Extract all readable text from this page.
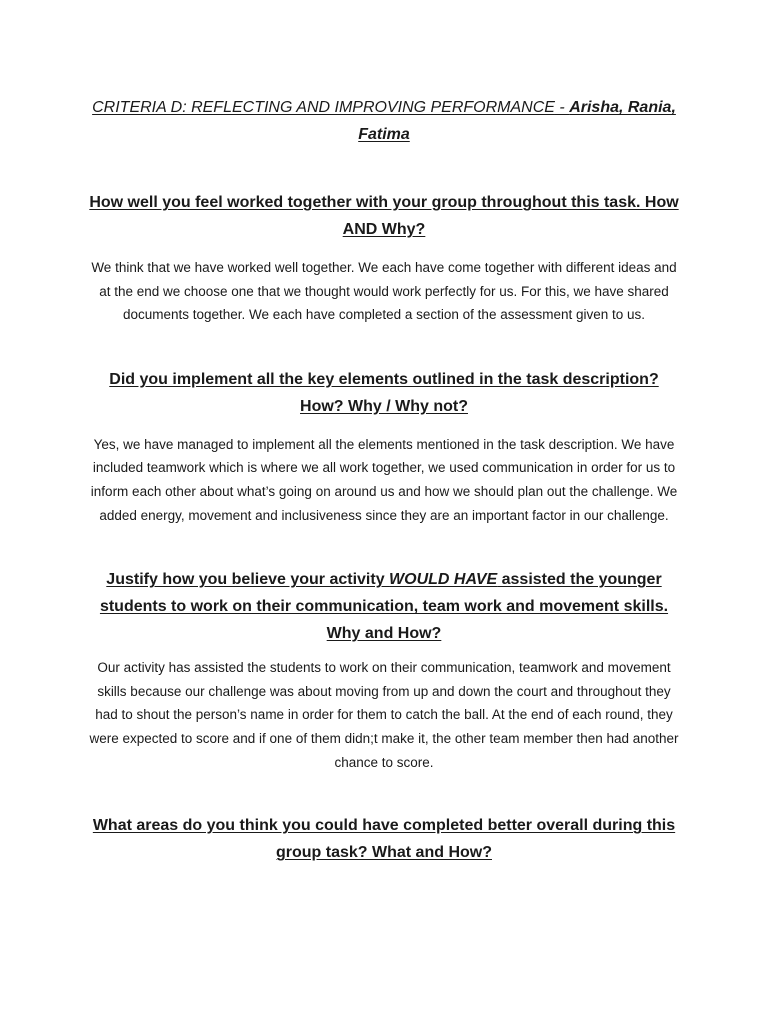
CRITERIA D: REFLECTING AND IMPROVING PERFORMANCE - Arisha, Rania, Fatima
How well you feel worked together with your group throughout this task. How AND Why?

We think that we have worked well together. We each have come together with different ideas and at the end we choose one that we thought would work perfectly for us. For this, we have shared documents together. We each have completed a section of the assessment given to us.

Did you implement all the key elements outlined in the task description? How? Why / Why not?

Yes, we have managed to implement all the elements mentioned in the task description. We have included teamwork which is where we all work together, we used communication in order for us to inform each other about what’s going on around us and how we should plan out the challenge. We added energy, movement and inclusiveness since they are an important factor in our challenge.

Justify how you believe your activity WOULD HAVE assisted the younger students to work on their communication, team work and movement skills. Why and How?

Our activity has assisted the students to work on their communication, teamwork and movement skills because our challenge was about moving from up and down the court and throughout they had to shout the person’s name in order for them to catch the ball. At the end of each round, they were expected to score and if one of them didn;t make it, the other team member then had another chance to score.

What areas do you think you could have completed better overall during this group task? What and How?
